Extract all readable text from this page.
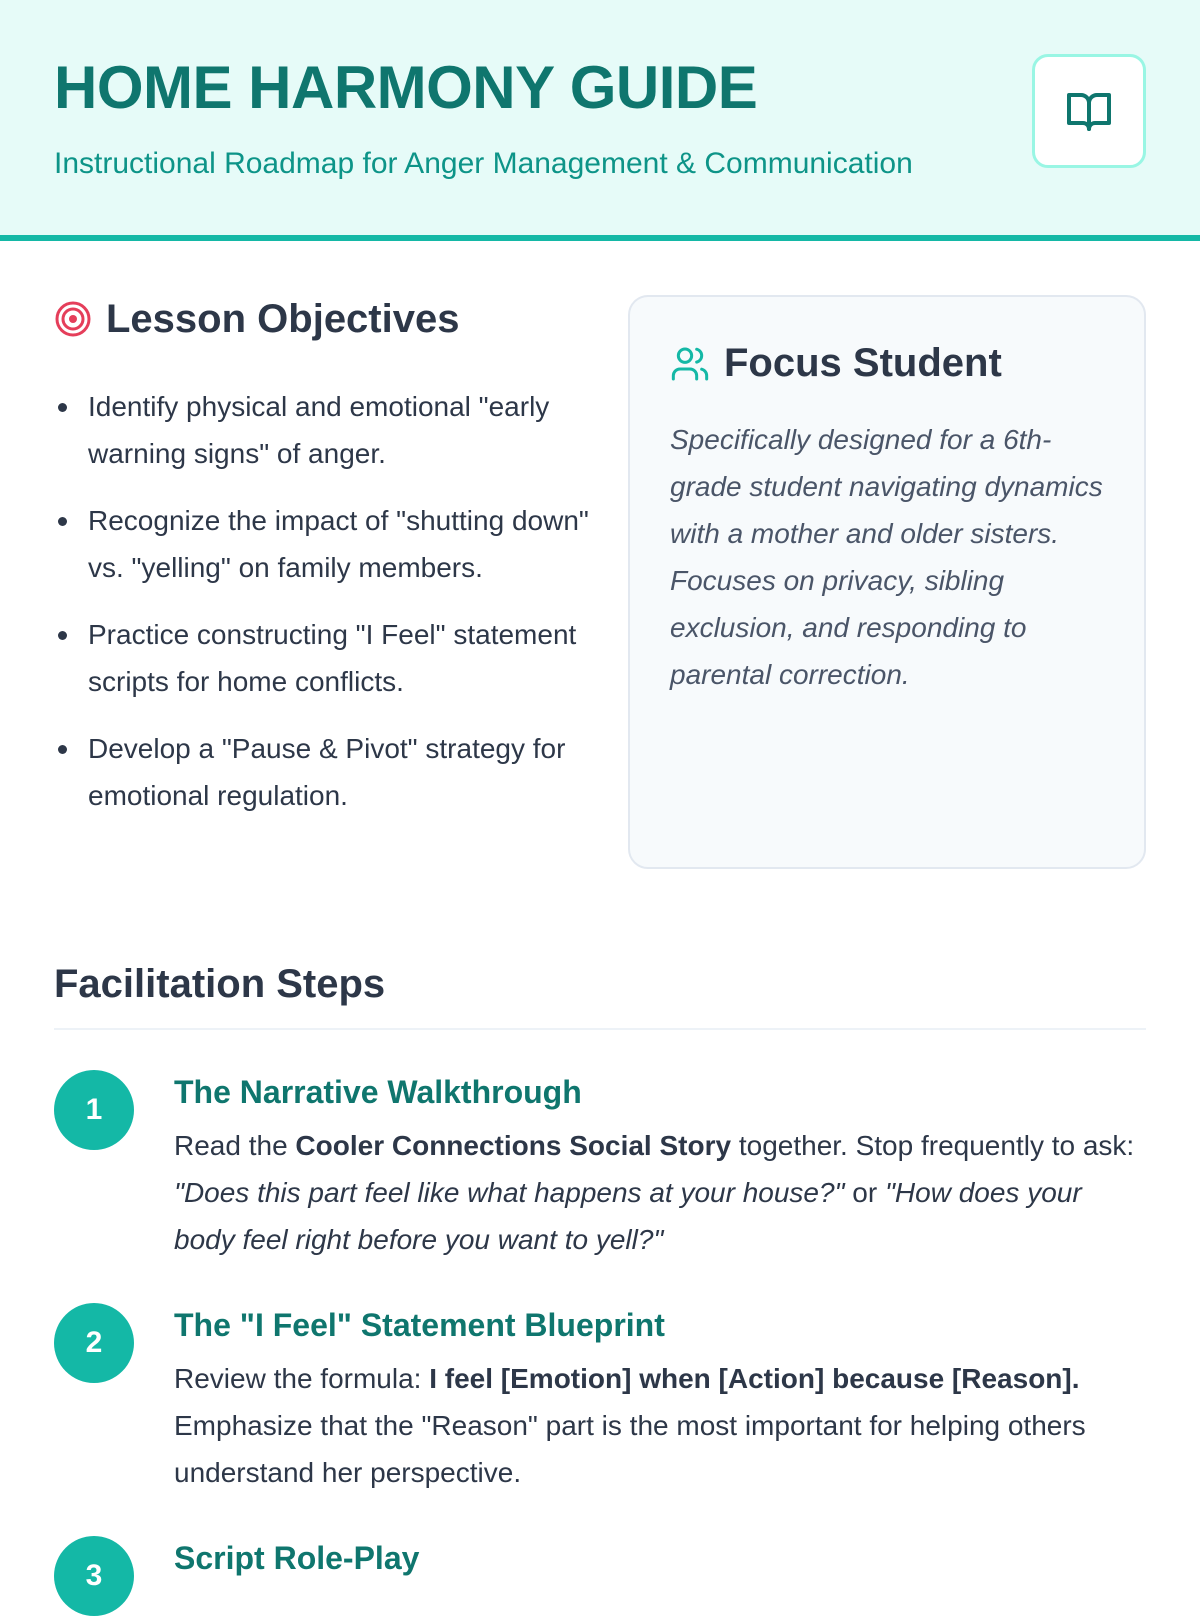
HOME HARMONY GUIDE
Instructional Roadmap for Anger Management & Communication
Lesson Objectives
Identify physical and emotional "early warning signs" of anger.
Recognize the impact of "shutting down" vs. "yelling" on family members.
Practice constructing "I Feel" statement scripts for home conflicts.
Develop a "Pause & Pivot" strategy for emotional regulation.
Focus Student
Specifically designed for a 6th-grade student navigating dynamics with a mother and older sisters. Focuses on privacy, sibling exclusion, and responding to parental correction.
Facilitation Steps
1	The Narrative Walkthrough
Read the Cooler Connections Social Story together. Stop frequently to ask: "Does this part feel like what happens at your house?" or "How does your body feel right before you want to yell?"
2	The "I Feel" Statement Blueprint
Review the formula: I feel [Emotion] when [Action] because [Reason]. Emphasize that the "Reason" part is the most important for helping others understand her perspective.
3	Script Role-Play
